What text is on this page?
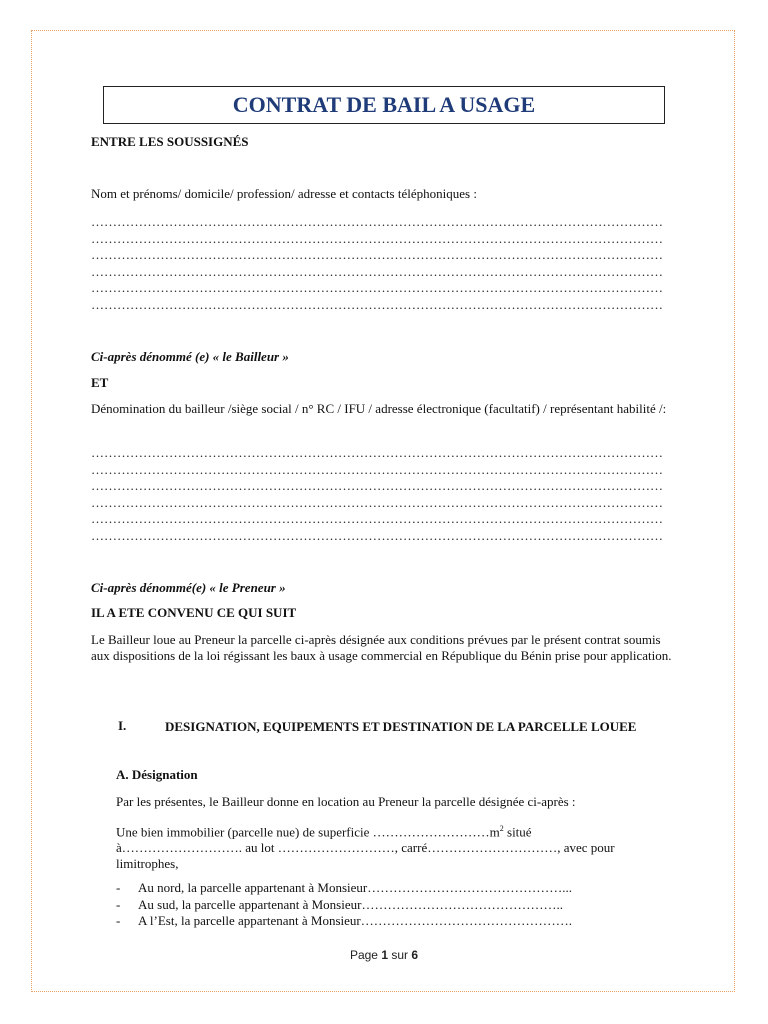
CONTRAT DE BAIL A USAGE
ENTRE LES SOUSSIGNÉS
Nom et prénoms/ domicile/ profession/ adresse et contacts téléphoniques :
……………………………………………………………………………………………………………………
……………………………………………………………………………………………………………………
……………………………………………………………………………………………………………………
……………………………………………………………………………………………………………………
……………………………………………………………………………………………………………………
……………………………………………………………………………………………………………………
Ci-après dénommé (e) « le Bailleur »
ET
Dénomination du bailleur /siège social / n° RC / IFU / adresse électronique (facultatif) / représentant habilité /:
……………………………………………………………………………………………………………………
……………………………………………………………………………………………………………………
……………………………………………………………………………………………………………………
……………………………………………………………………………………………………………………
……………………………………………………………………………………………………………………
……………………………………………………………………………………………………………………
Ci-après dénommé(e) « le Preneur »
IL A ETE CONVENU CE QUI SUIT
Le Bailleur loue au Preneur la parcelle ci-après désignée aux conditions prévues par le présent contrat soumis aux dispositions de la loi régissant les baux à usage commercial en République du Bénin prise pour application.
I.	DESIGNATION, EQUIPEMENTS ET DESTINATION DE LA PARCELLE LOUEE
A. Désignation
Par les présentes, le Bailleur donne en location au Preneur la parcelle désignée ci-après :
Une bien immobilier (parcelle nue) de superficie $\dots\dots\dots\dots\dots\dots\dots\dots\dots m^2$ situé
à………………………. au lot ………………………, carré…………………………, avec pour limitrophes,
- Au nord, la parcelle appartenant à Monsieur………………………………………...
- Au sud, la parcelle appartenant à Monsieur………………………………………..
- A l’Est, la parcelle appartenant à Monsieur………………………………………….
Page 1 sur 6
